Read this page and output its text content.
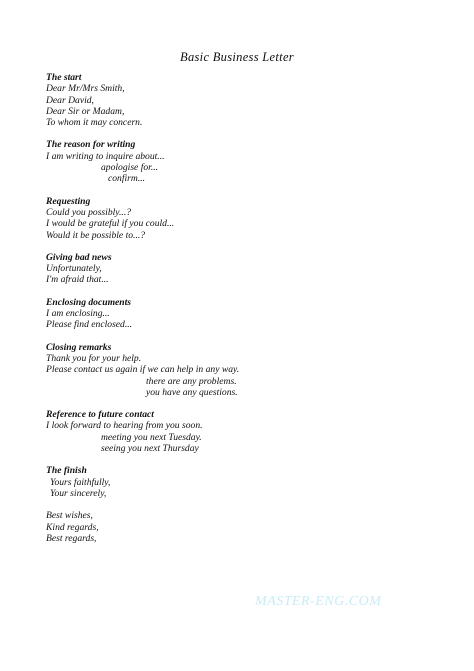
Basic Business Letter
The start
Dear Mr/Mrs Smith,
Dear David,
Dear Sir or Madam,
To whom it may concern.
The reason for writing
I am writing to inquire about...
apologise for...
confirm...
Requesting
Could you possibly...?
I would be grateful if you could...
Would it be possible to...?
Giving bad news
Unfortunately,
I'm afraid that...
Enclosing documents
I am enclosing...
Please find enclosed...
Closing remarks
Thank you for your help.
Please contact us again if we can help in any way.
there are any problems.
you have any questions.
Reference to future contact
I look forward to hearing from you soon.
meeting you next Tuesday.
seeing you next Thursday
The finish
Yours faithfully,
Your sincerely,
Best wishes,
Kind regards,
Best regards,
MASTER-ENG.COM
